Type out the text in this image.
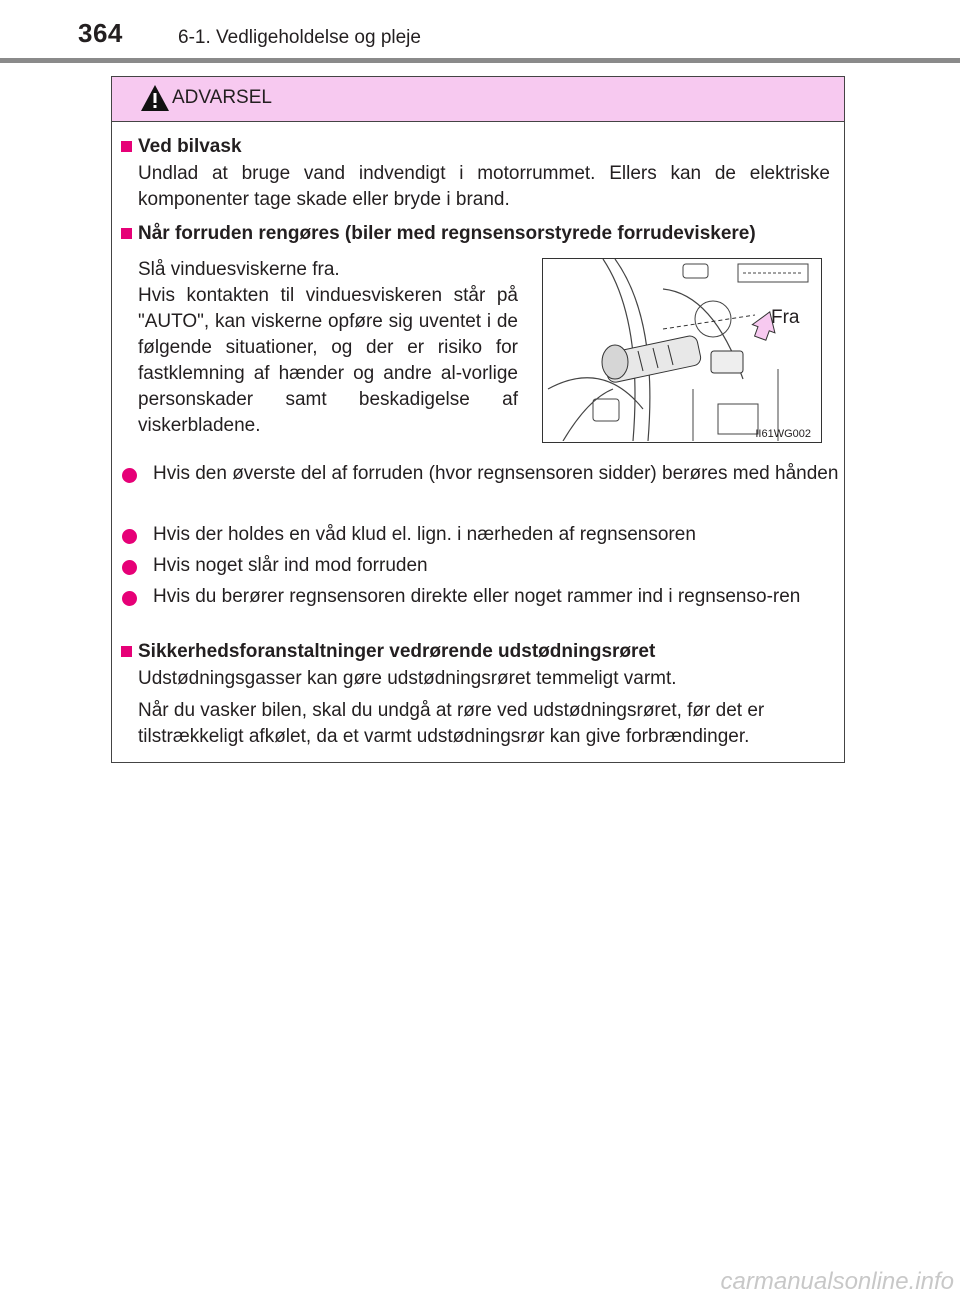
364	6-1. Vedligeholdelse og pleje
ADVARSEL
Ved bilvask
Undlad at bruge vand indvendigt i motorrummet. Ellers kan de elektriske komponenter tage skade eller bryde i brand.
Når forruden rengøres (biler med regnsensorstyrede forrudeviskere)
Slå vinduesviskerne fra.
Hvis kontakten til vinduesviskeren står på "AUTO", kan viskerne opføre sig uventet i de følgende situationer, og der er risiko for fastklemning af hænder og andre al-vorlige personskader samt beskadigelse af viskerbladene.
Fra
II61WG002
Hvis den øverste del af forruden (hvor regnsensoren sidder) berøres med hånden
Hvis der holdes en våd klud el. lign. i nærheden af regnsensoren
Hvis noget slår ind mod forruden
Hvis du berører regnsensoren direkte eller noget rammer ind i regnsenso-ren
Sikkerhedsforanstaltninger vedrørende udstødningsrøret
Udstødningsgasser kan gøre udstødningsrøret temmeligt varmt.
Når du vasker bilen, skal du undgå at røre ved udstødningsrøret, før det er tilstrækkeligt afkølet, da et varmt udstødningsrør kan give forbrændinger.
carmanualsonline.info
